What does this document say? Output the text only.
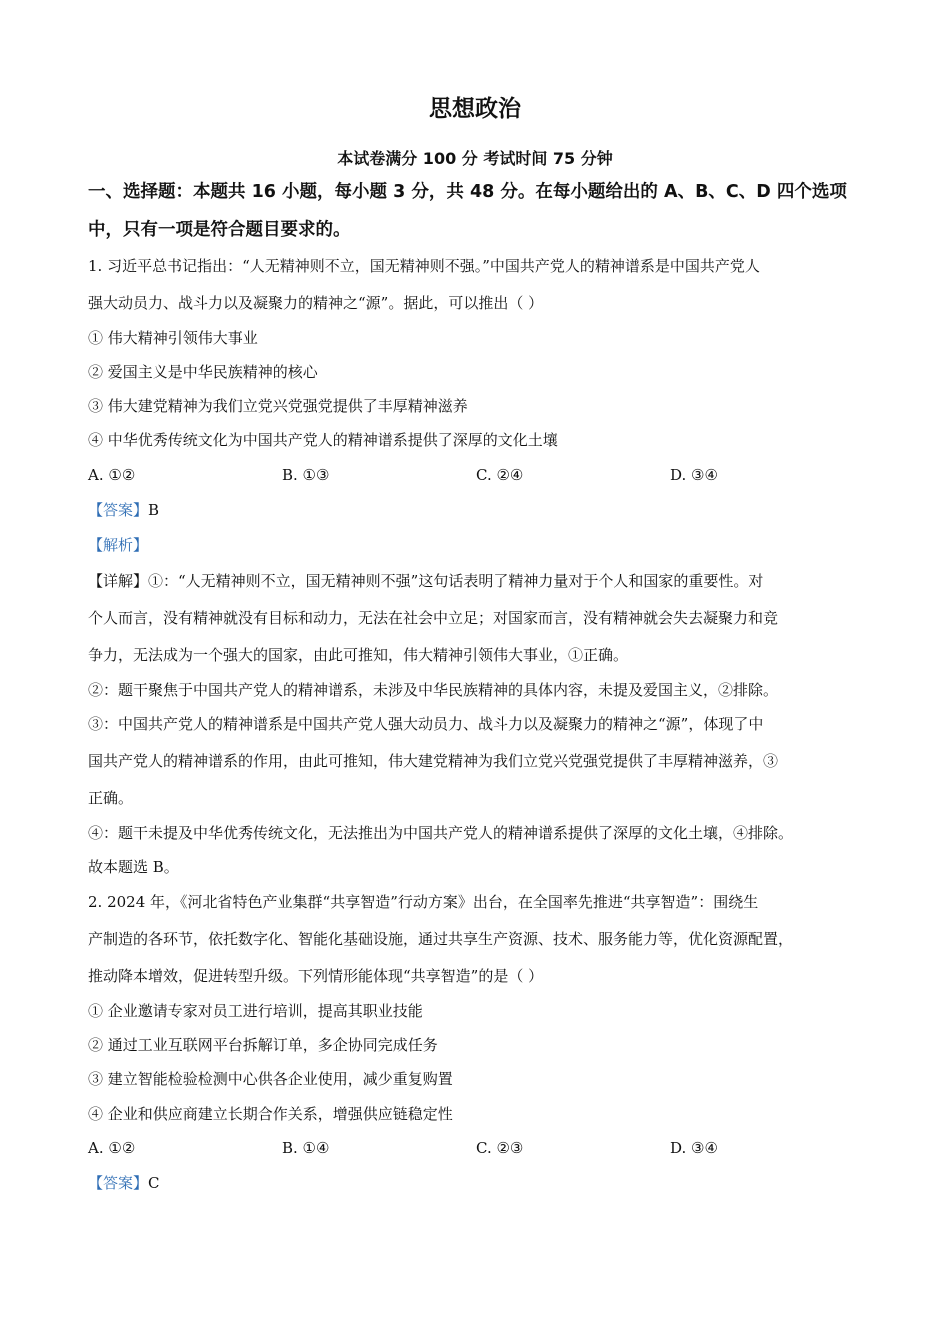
思想政治
本试卷满分 100 分 考试时间 75 分钟
一、选择题：本题共 16 小题，每小题 3 分，共 48 分。在每小题给出的 A、B、C、D 四个选项
中，只有一项是符合题目要求的。
1. 习近平总书记指出：“人无精神则不立，国无精神则不强。”中国共产党人的精神谱系是中国共产党人
强大动员力、战斗力以及凝聚力的精神之“源”。据此，可以推出（ ）
① 伟大精神引领伟大事业
② 爱国主义是中华民族精神的核心
③ 伟大建党精神为我们立党兴党强党提供了丰厚精神滋养
④ 中华优秀传统文化为中国共产党人的精神谱系提供了深厚的文化土壤
A. ①②	B. ①③	C. ②④	D. ③④
【答案】B
【解析】
【详解】①：“人无精神则不立，国无精神则不强”这句话表明了精神力量对于个人和国家的重要性。对
个人而言，没有精神就没有目标和动力，无法在社会中立足；对国家而言，没有精神就会失去凝聚力和竞
争力，无法成为一个强大的国家，由此可推知，伟大精神引领伟大事业，①正确。
②：题干聚焦于中国共产党人的精神谱系，未涉及中华民族精神的具体内容，未提及爱国主义，②排除。
③：中国共产党人的精神谱系是中国共产党人强大动员力、战斗力以及凝聚力的精神之“源”，体现了中
国共产党人的精神谱系的作用，由此可推知，伟大建党精神为我们立党兴党强党提供了丰厚精神滋养，③
正确。
④：题干未提及中华优秀传统文化，无法推出为中国共产党人的精神谱系提供了深厚的文化土壤，④排除。
故本题选 B。
2. 2024 年，《河北省特色产业集群“共享智造”行动方案》出台，在全国率先推进“共享智造”：围绕生
产制造的各环节，依托数字化、智能化基础设施，通过共享生产资源、技术、服务能力等，优化资源配置，
推动降本增效，促进转型升级。下列情形能体现“共享智造”的是（ ）
① 企业邀请专家对员工进行培训，提高其职业技能
② 通过工业互联网平台拆解订单，多企协同完成任务
③ 建立智能检验检测中心供各企业使用，减少重复购置
④ 企业和供应商建立长期合作关系，增强供应链稳定性
A. ①②	B. ①④	C. ②③	D. ③④
【答案】C
